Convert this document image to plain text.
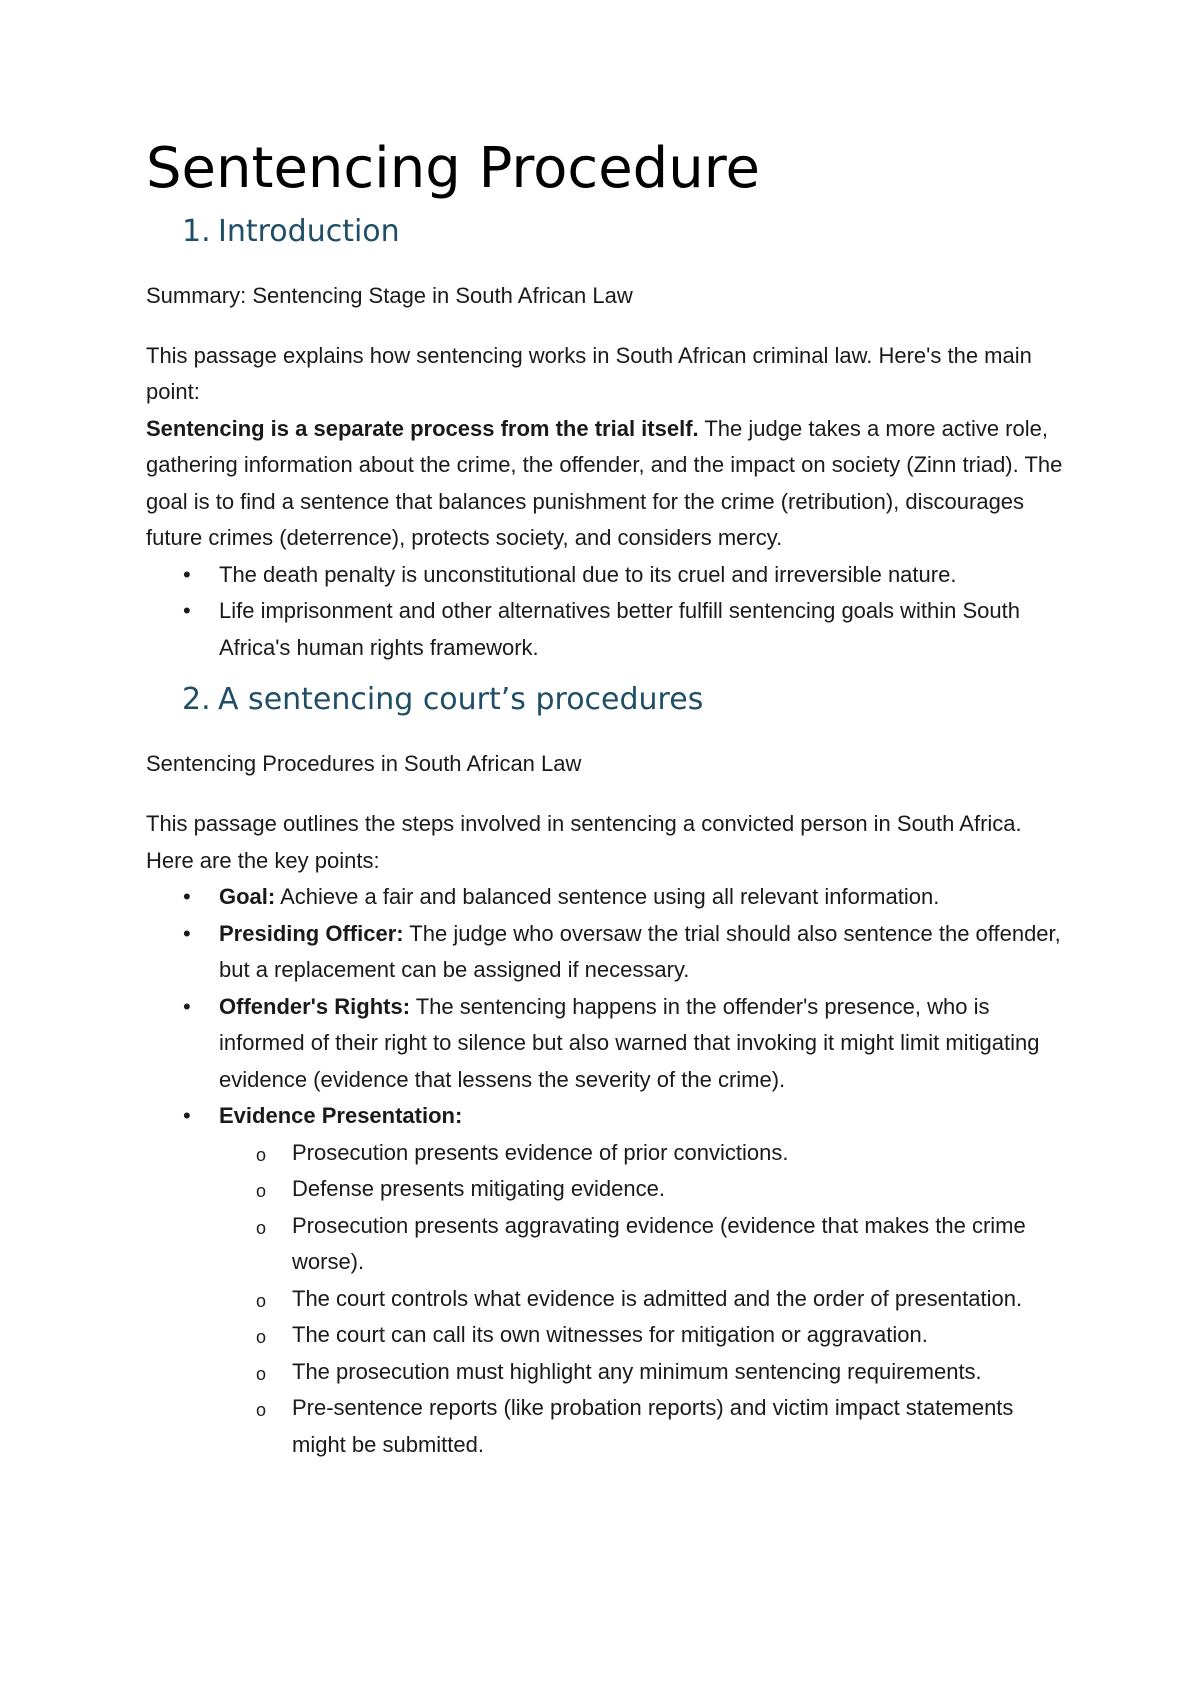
Sentencing Procedure
1. Introduction

Summary: Sentencing Stage in South African Law

This passage explains how sentencing works in South African criminal law. Here's the main point:

Sentencing is a separate process from the trial itself. The judge takes a more active role, gathering information about the crime, the offender, and the impact on society (Zinn triad). The goal is to find a sentence that balances punishment for the crime (retribution), discourages future crimes (deterrence), protects society, and considers mercy.

• The death penalty is unconstitutional due to its cruel and irreversible nature.
• Life imprisonment and other alternatives better fulfill sentencing goals within South Africa's human rights framework.
2. A sentencing court’s procedures

Sentencing Procedures in South African Law

This passage outlines the steps involved in sentencing a convicted person in South Africa. Here are the key points:

• Goal: Achieve a fair and balanced sentence using all relevant information.
• Presiding Officer: The judge who oversaw the trial should also sentence the offender, but a replacement can be assigned if necessary.
• Offender's Rights: The sentencing happens in the offender's presence, who is informed of their right to silence but also warned that invoking it might limit mitigating evidence (evidence that lessens the severity of the crime).
• Evidence Presentation:
o Prosecution presents evidence of prior convictions.
o Defense presents mitigating evidence.
o Prosecution presents aggravating evidence (evidence that makes the crime worse).
o The court controls what evidence is admitted and the order of presentation.
o The court can call its own witnesses for mitigation or aggravation.
o The prosecution must highlight any minimum sentencing requirements.
o Pre-sentence reports (like probation reports) and victim impact statements might be submitted.
